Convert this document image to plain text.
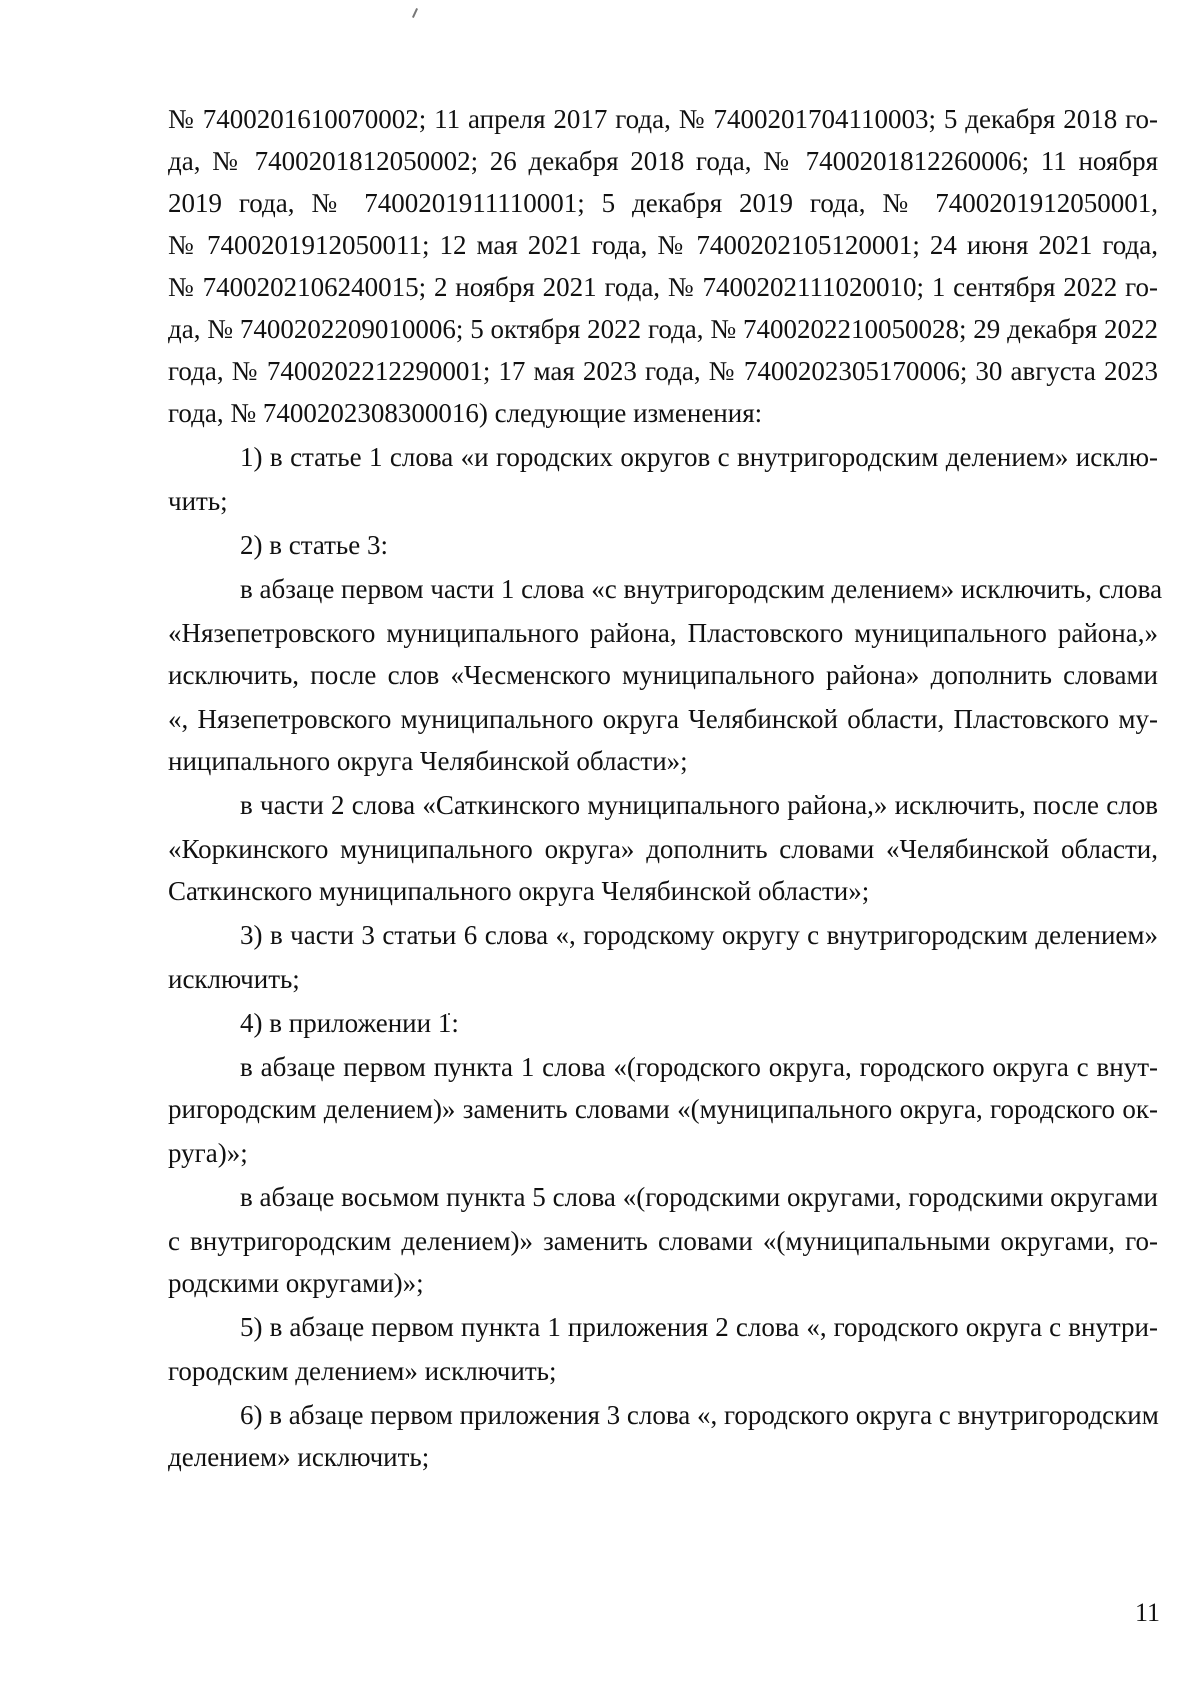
№ 7400201610070002; 11 апреля 2017 года, № 7400201704110003; 5 декабря 2018 го-
да, № 7400201812050002; 26 декабря 2018 года, № 7400201812260006; 11 ноября
2019 года, № 7400201911110001; 5 декабря 2019 года, № 7400201912050001,
№ 7400201912050011; 12 мая 2021 года, № 7400202105120001; 24 июня 2021 года,
№ 7400202106240015; 2 ноября 2021 года, № 7400202111020010; 1 сентября 2022 го-
да, № 7400202209010006; 5 октября 2022 года, № 7400202210050028; 29 декабря 2022
года, № 7400202212290001; 17 мая 2023 года, № 7400202305170006; 30 августа 2023
года, № 7400202308300016) следующие изменения:
1) в статье 1 слова «и городских округов с внутригородским делением» исклю-
чить;
2) в статье 3:
в абзаце первом части 1 слова «с внутригородским делением» исключить, слова
«Нязепетровского муниципального района, Пластовского муниципального района,»
исключить, после слов «Чесменского муниципального района» дополнить словами
«, Нязепетровского муниципального округа Челябинской области, Пластовского му-
ниципального округа Челябинской области»;
в части 2 слова «Саткинского муниципального района,» исключить, после слов
«Коркинского муниципального округа» дополнить словами «Челябинской области,
Саткинского муниципального округа Челябинской области»;
3) в части 3 статьи 6 слова «, городскому округу с внутригородским делением»
исключить;
4) в приложении 1:
в абзаце первом пункта 1 слова «(городского округа, городского округа с внут-
ригородским делением)» заменить словами «(муниципального округа, городского ок-
руга)»;
в абзаце восьмом пункта 5 слова «(городскими округами, городскими округами
с внутригородским делением)» заменить словами «(муниципальными округами, го-
родскими округами)»;
5) в абзаце первом пункта 1 приложения 2 слова «, городского округа с внутри-
городским делением» исключить;
6) в абзаце первом приложения 3 слова «, городского округа с внутригородским
делением» исключить;
11
